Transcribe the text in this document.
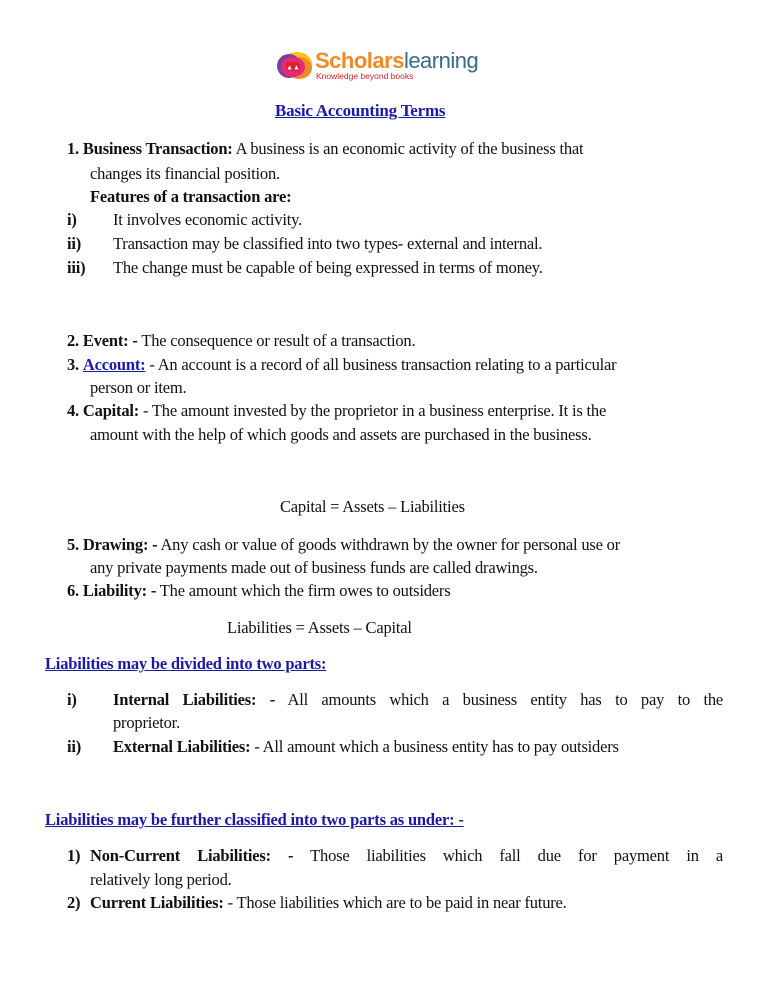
▲▲ Scholarslearning
Knowledge beyond books
Basic Accounting Terms
1. Business Transaction: A business is an economic activity of the business that
changes its financial position.
Features of a transaction are:
i) It involves economic activity.
ii) Transaction may be classified into two types- external and internal.
iii) The change must be capable of being expressed in terms of money.
2. Event: - The consequence or result of a transaction.
3. Account: - An account is a record of all business transaction relating to a particular
person or item.
4. Capital: - The amount invested by the proprietor in a business enterprise. It is the
amount with the help of which goods and assets are purchased in the business.
Capital = Assets – Liabilities
5. Drawing: - Any cash or value of goods withdrawn by the owner for personal use or
any private payments made out of business funds are called drawings.
6. Liability: - The amount which the firm owes to outsiders
Liabilities = Assets – Capital
Liabilities may be divided into two parts:
i) Internal Liabilities: - All amounts which a business entity has to pay to the
proprietor.
ii) External Liabilities: - All amount which a business entity has to pay outsiders
Liabilities may be further classified into two parts as under: -
1) Non-Current Liabilities: - Those liabilities which fall due for payment in a
relatively long period.
2) Current Liabilities: - Those liabilities which are to be paid in near future.
